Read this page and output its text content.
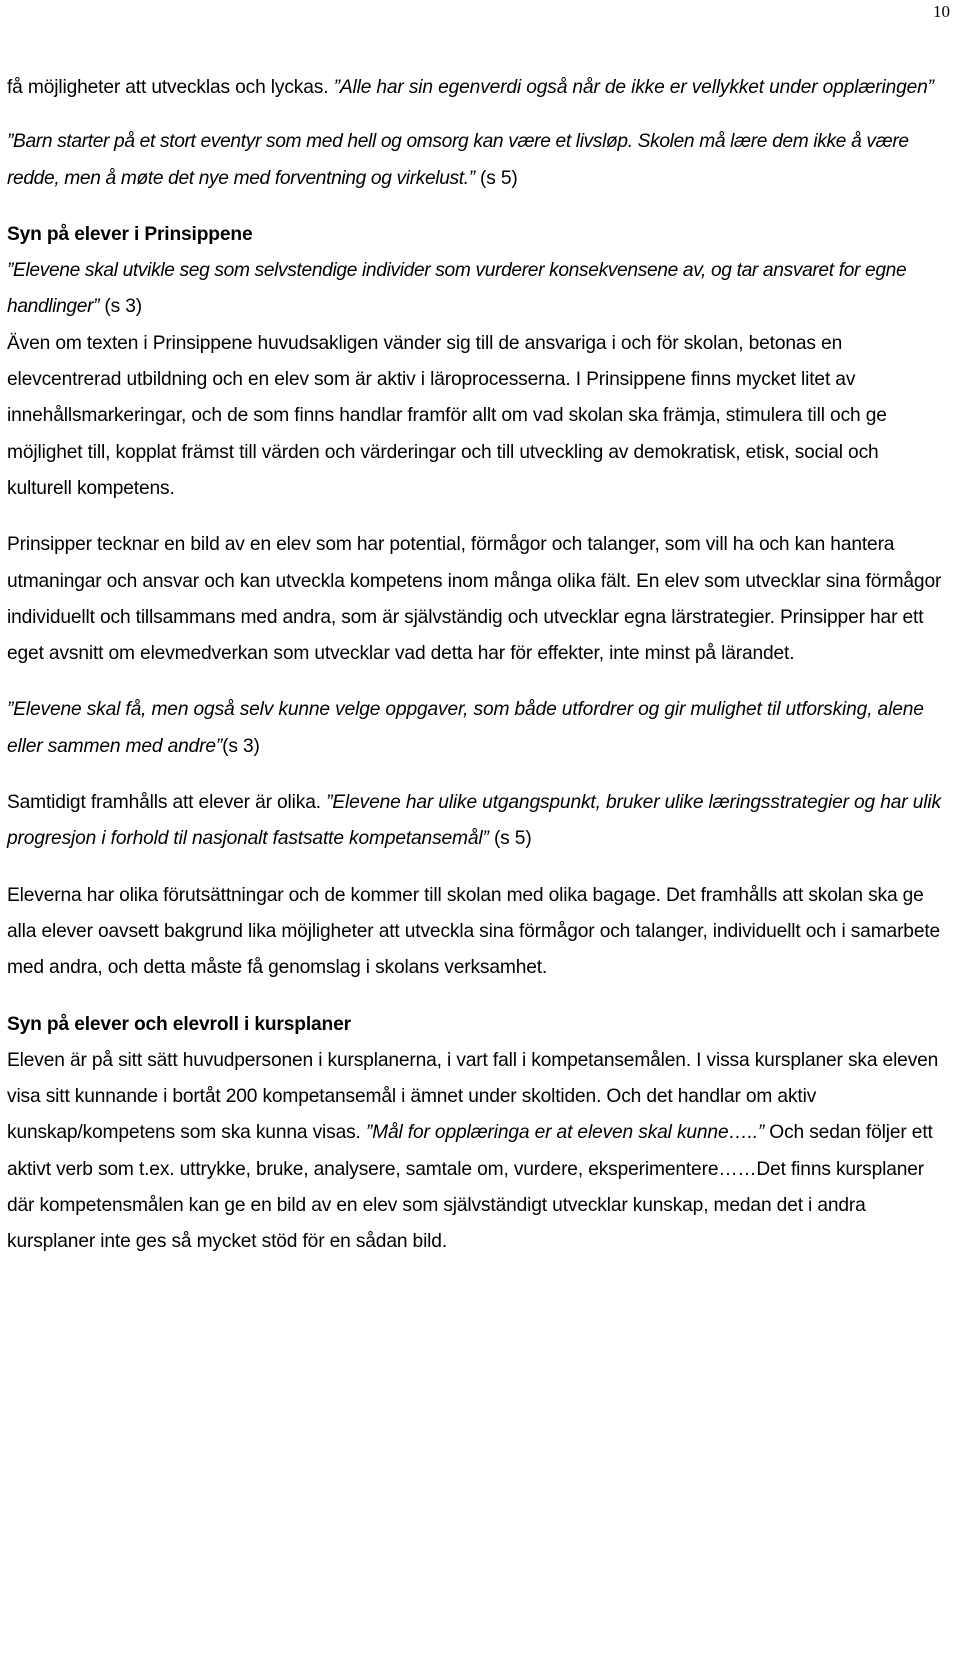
10

få möjligheter att utvecklas och lyckas. ”Alle har sin egenverdi også når de ikke er vellykket under opplæringen”

”Barn starter på et stort eventyr som med hell og omsorg kan være et livsløp. Skolen må lære dem ikke å være redde, men å møte det nye med forventning og virkelust.” (s 5)

Syn på elever i Prinsippene

”Elevene skal utvikle seg som selvstendige individer som vurderer konsekvensene av, og tar ansvaret for egne handlinger” (s 3)

Även om texten i Prinsippene huvudsakligen vänder sig till de ansvariga i och för skolan, betonas en elevcentrerad utbildning och en elev som är aktiv i läroprocesserna. I Prinsippene finns mycket litet av innehållsmarkeringar, och de som finns handlar framför allt om vad skolan ska främja, stimulera till och ge möjlighet till, kopplat främst till värden och värderingar och till utveckling av demokratisk, etisk, social och kulturell kompetens.

Prinsipper tecknar en bild av en elev som har potential, förmågor och talanger, som vill ha och kan hantera utmaningar och ansvar och kan utveckla kompetens inom många olika fält. En elev som utvecklar sina förmågor individuellt och tillsammans med andra, som är självständig och utvecklar egna lärstrategier. Prinsipper har ett eget avsnitt om elevmedverkan som utvecklar vad detta har för effekter, inte minst på lärandet.

”Elevene skal få, men også selv kunne velge oppgaver, som både utfordrer og gir mulighet til utforsking, alene eller sammen med andre”(s 3)

Samtidigt framhålls att elever är olika. ”Elevene har ulike utgangspunkt, bruker ulike læringsstrategier og har ulik progresjon i forhold til nasjonalt fastsatte kompetansemål” (s 5)

Eleverna har olika förutsättningar och de kommer till skolan med olika bagage. Det framhålls att skolan ska ge alla elever oavsett bakgrund lika möjligheter att utveckla sina förmågor och talanger, individuellt och i samarbete med andra, och detta måste få genomslag i skolans verksamhet.

Syn på elever och elevroll i kursplaner

Eleven är på sitt sätt huvudpersonen i kursplanerna, i vart fall i kompetansemålen. I vissa kursplaner ska eleven visa sitt kunnande i bortåt 200 kompetansemål i ämnet under skoltiden. Och det handlar om aktiv kunskap/kompetens som ska kunna visas. ”Mål for opplæringa er at eleven skal kunne…..” Och sedan följer ett aktivt verb som t.ex. uttrykke, bruke, analysere, samtale om, vurdere, eksperimentere……Det finns kursplaner där kompetensmålen kan ge en bild av en elev som självständigt utvecklar kunskap, medan det i andra kursplaner inte ges så mycket stöd för en sådan bild.
